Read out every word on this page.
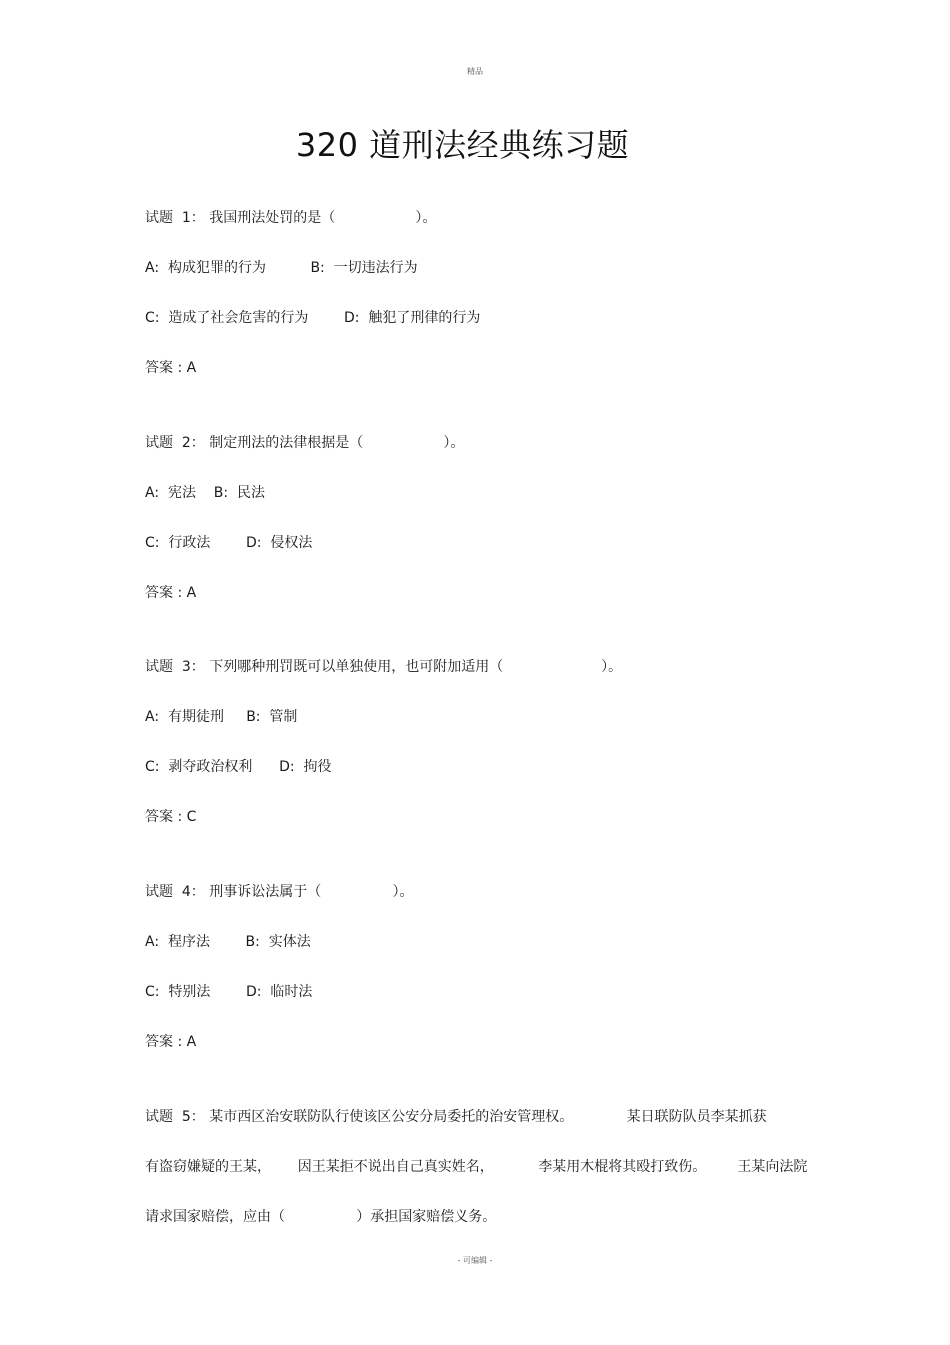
精品
320 道刑法经典练习题
试题  1： 我国刑法处罚的是（                  ）。
A:  构成犯罪的行为          B:  一切违法行为
C:  造成了社会危害的行为        D:  触犯了刑律的行为
答案 : A
试题  2： 制定刑法的法律根据是（                  ）。
A:  宪法    B:  民法
C:  行政法        D:  侵权法
答案 : A
试题  3： 下列哪种刑罚既可以单独使用，也可附加适用（                      ）。
A:  有期徒刑     B:  管制
C:  剥夺政治权利      D:  拘役
答案 : C
试题  4： 刑事诉讼法属于（                ）。
A:  程序法        B:  实体法
C:  特别法        D:  临时法
答案 : A
试题  5： 某市西区治安联防队行使该区公安分局委托的治安管理权。            某日联防队员李某抓获
有盗窃嫌疑的王某，      因王某拒不说出自己真实姓名，          李某用木棍将其殴打致伤。       王某向法院
请求国家赔偿，应由（                ）承担国家赔偿义务。
- 可编辑 -
